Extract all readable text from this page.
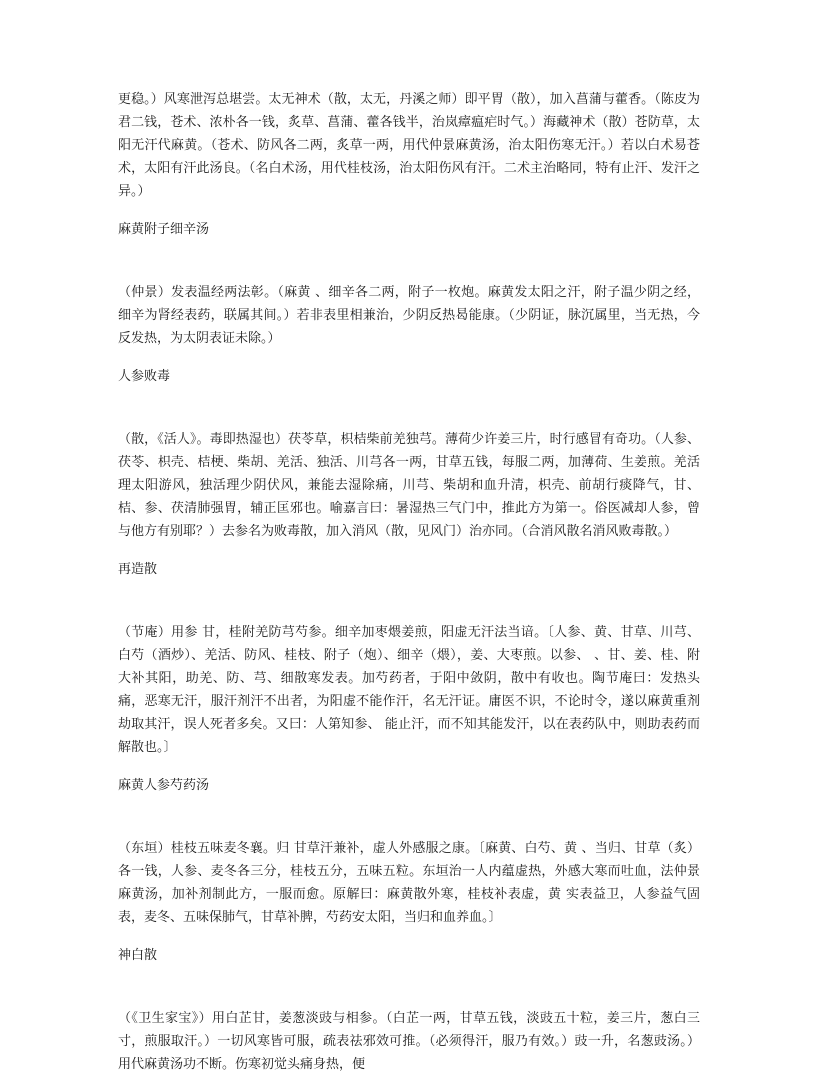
更稳。）风寒泄泻总堪尝。太无神术（散，太无，丹溪之师）即平胃（散），加入菖蒲与藿香。（陈皮为君二钱，苍术、浓朴各一钱，炙草、菖蒲、藿各钱半，治岚瘴瘟疟时气。）海藏神术（散）苍防草，太阳无汗代麻黄。（苍术、防风各二两，炙草一两，用代仲景麻黄汤，治太阳伤寒无汗。）若以白术易苍术，太阳有汗此汤良。（名白术汤，用代桂枝汤，治太阳伤风有汗。二术主治略同，特有止汗、发汗之异。）

麻黄附子细辛汤

（仲景）发表温经两法彰。（麻黄 、细辛各二两，附子一枚炮。麻黄发太阳之汗，附子温少阴之经，细辛为肾经表药，联属其间。）若非表里相兼治，少阴反热曷能康。（少阴证，脉沉属里，当无热，今反发热，为太阴表证未除。）

人参败毒

（散，《活人》。毒即热湿也）茯苓草，枳桔柴前羌独芎。薄荷少许姜三片，时行感冒有奇功。（人参、茯苓、枳壳、桔梗、柴胡、羌活、独活、川芎各一两，甘草五钱，每服二两，加薄荷、生姜煎。羌活理太阳游风，独活理少阴伏风，兼能去湿除痛，川芎、柴胡和血升清，枳壳、前胡行痰降气，甘、桔、参、茯清肺强胃，辅正匡邪也。喻嘉言曰：暑湿热三气门中，推此方为第一。俗医减却人参，曾与他方有别耶？）去参名为败毒散，加入消风（散，见风门）治亦同。（合消风散名消风败毒散。）

再造散

（节庵）用参 甘，桂附羌防芎芍参。细辛加枣煨姜煎，阳虚无汗法当谙。〔人参、黄、甘草、川芎、白芍（酒炒）、羌活、防风、桂枝、附子（炮）、细辛（煨），姜、大枣煎。以参、 、甘、姜、桂、附大补其阳，助羌、防、芎、细散寒发表。加芍药者，于阳中敛阴，散中有收也。陶节庵曰：发热头痛，恶寒无汗，服汗剂汗不出者，为阳虚不能作汗，名无汗证。庸医不识，不论时令，遂以麻黄重剂劫取其汗，误人死者多矣。又曰：人第知参、 能止汗，而不知其能发汗，以在表药队中，则助表药而解散也。〕

麻黄人参芍药汤

（东垣）桂枝五味麦冬襄。归 甘草汗兼补，虚人外感服之康。〔麻黄、白芍、黄 、当归、甘草（炙）各一钱，人参、麦冬各三分，桂枝五分，五味五粒。东垣治一人内蕴虚热，外感大寒而吐血，法仲景麻黄汤，加补剂制此方，一服而愈。原解曰：麻黄散外寒，桂枝补表虚，黄 实表益卫，人参益气固表，麦冬、五味保肺气，甘草补脾，芍药安太阳，当归和血养血。〕

神白散

（《卫生家宝》）用白芷甘，姜葱淡豉与相参。（白芷一两，甘草五钱，淡豉五十粒，姜三片，葱白三寸，煎服取汗。）一切风寒皆可服，疏表祛邪效可推。（必须得汗，服乃有效。）豉一升，名葱豉汤。）用代麻黄汤功不断。伤寒初觉头痛身热，便
